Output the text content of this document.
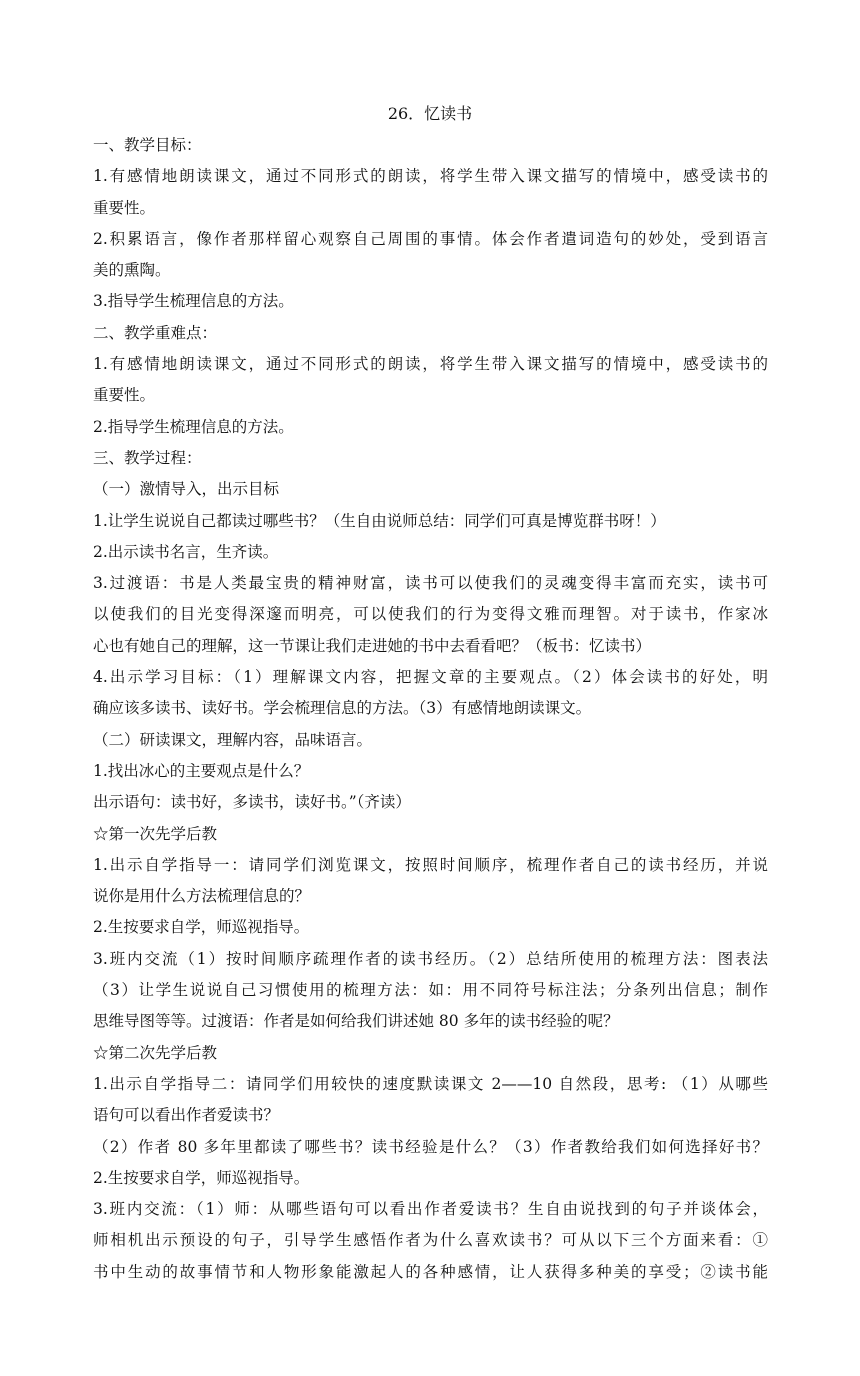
26．忆读书
一、教学目标：
1.有感情地朗读课文，通过不同形式的朗读，将学生带入课文描写的情境中，感受读书的
重要性。
2.积累语言，像作者那样留心观察自己周围的事情。体会作者遣词造句的妙处，受到语言
美的熏陶。
3.指导学生梳理信息的方法。
二、教学重难点：
1.有感情地朗读课文，通过不同形式的朗读，将学生带入课文描写的情境中，感受读书的
重要性。
2.指导学生梳理信息的方法。
三、教学过程：
（一）激情导入，出示目标
1.让学生说说自己都读过哪些书？（生自由说师总结：同学们可真是博览群书呀！）
2.出示读书名言，生齐读。
3.过渡语：书是人类最宝贵的精神财富，读书可以使我们的灵魂变得丰富而充实，读书可
以使我们的目光变得深邃而明亮，可以使我们的行为变得文雅而理智。对于读书，作家冰
心也有她自己的理解，这一节课让我们走进她的书中去看看吧？（板书：忆读书）
4.出示学习目标：（1）理解课文内容，把握文章的主要观点。（2）体会读书的好处，明
确应该多读书、读好书。学会梳理信息的方法。（3）有感情地朗读课文。
（二）研读课文，理解内容，品味语言。
1.找出冰心的主要观点是什么？
出示语句：读书好，多读书，读好书。”（齐读）
☆第一次先学后教
1.出示自学指导一：请同学们浏览课文，按照时间顺序，梳理作者自己的读书经历，并说
说你是用什么方法梳理信息的？
2.生按要求自学，师巡视指导。
3.班内交流（1）按时间顺序疏理作者的读书经历。（2）总结所使用的梳理方法：图表法
（3）让学生说说自己习惯使用的梳理方法：如：用不同符号标注法；分条列出信息；制作
思维导图等等。过渡语：作者是如何给我们讲述她 80 多年的读书经验的呢？
☆第二次先学后教
1.出示自学指导二：请同学们用较快的速度默读课文 2——10 自然段，思考: （1）从哪些
语句可以看出作者爱读书？
（2）作者 80 多年里都读了哪些书？读书经验是什么？（3）作者教给我们如何选择好书？
2.生按要求自学，师巡视指导。
3.班内交流：（1）师：从哪些语句可以看出作者爱读书？生自由说找到的句子并谈体会，
师相机出示预设的句子，引导学生感悟作者为什么喜欢读书？可从以下三个方面来看：①
书中生动的故事情节和人物形象能激起人的各种感情，让人获得多种美的享受；②读书能
